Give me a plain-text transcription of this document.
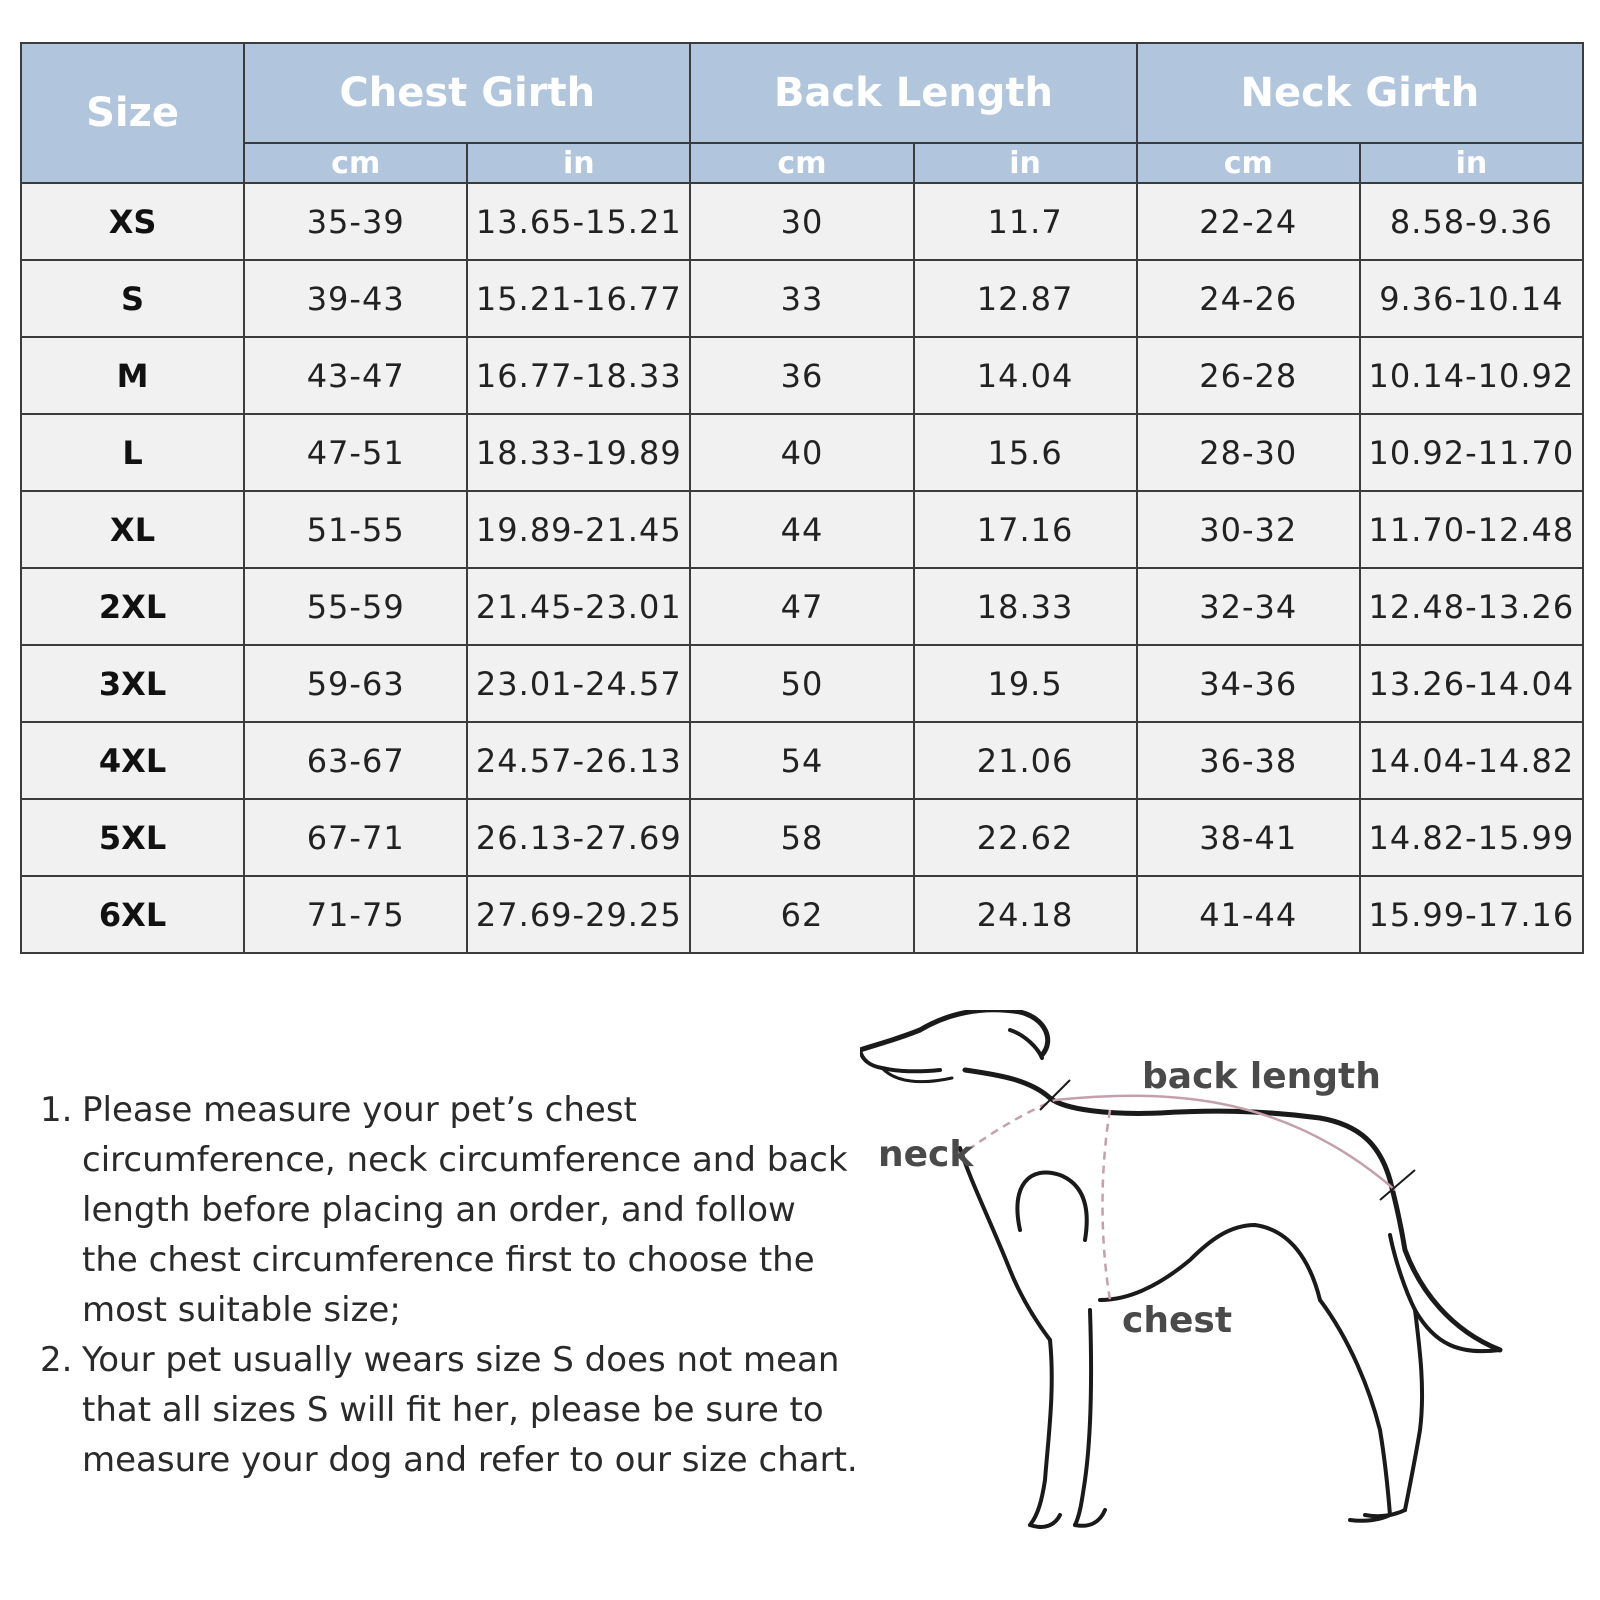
Size	Chest Girth		Back Length		Neck Girth	
	cm	in	cm	in	cm	in
XS	35-39	13.65-15.21	30	11.7	22-24	8.58-9.36
S	39-43	15.21-16.77	33	12.87	24-26	9.36-10.14
M	43-47	16.77-18.33	36	14.04	26-28	10.14-10.92
L	47-51	18.33-19.89	40	15.6	28-30	10.92-11.70
XL	51-55	19.89-21.45	44	17.16	30-32	11.70-12.48
2XL	55-59	21.45-23.01	47	18.33	32-34	12.48-13.26
3XL	59-63	23.01-24.57	50	19.5	34-36	13.26-14.04
4XL	63-67	24.57-26.13	54	21.06	36-38	14.04-14.82
5XL	67-71	26.13-27.69	58	22.62	38-41	14.82-15.99
6XL	71-75	27.69-29.25	62	24.18	41-44	15.99-17.16
1. Please measure your pet’s chest circumference, neck circumference and back length before placing an order, and follow the chest circumference first to choose the most suitable size;
2. Your pet usually wears size S does not mean that all sizes S will fit her, please be sure to measure your dog and refer to our size chart.
back length
neck
chest
